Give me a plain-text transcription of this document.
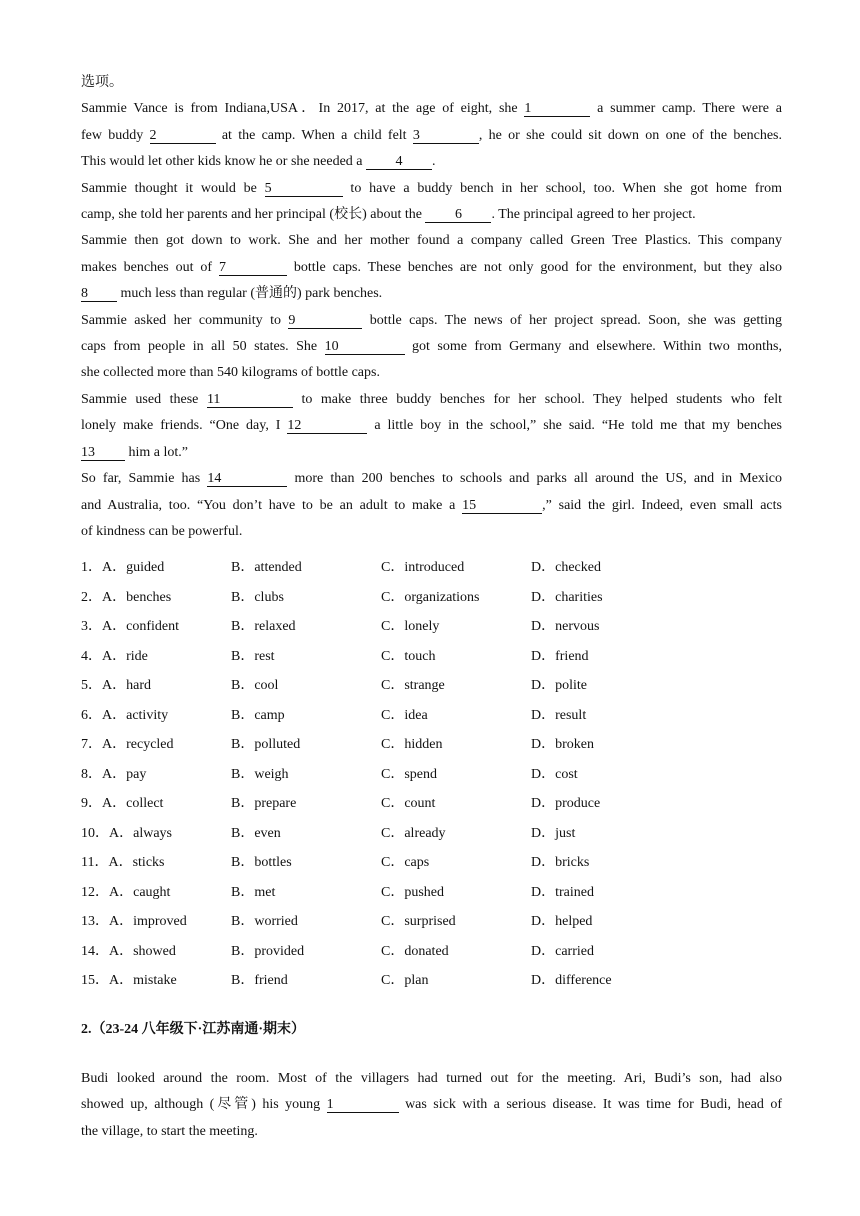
选项。
Sammie Vance is from Indiana,USA．In 2017, at the age of eight, she 1	a summer camp. There were a
few buddy 2	at the camp. When a child felt 3	, he or she could sit down on one of the benches.
This would let other kids know he or she needed a 4 .
Sammie thought it would be 5	to have a buddy bench in her school, too. When she got home from
camp, she told her parents and her principal (校长) about the 6 . The principal agreed to her project.
Sammie then got down to work. She and her mother found a company called Green Tree Plastics. This company
makes benches out of 7	bottle caps. These benches are not only good for the environment, but they also
8 much less than regular (普通的) park benches.
Sammie asked her community to 9	bottle caps. The news of her project spread. Soon, she was getting
caps from people in all 50 states. She 10	got some from Germany and elsewhere. Within two months,
she collected more than 540 kilograms of bottle caps.
Sammie used these 11	to make three buddy benches for her school. They helped students who felt
lonely make friends. “One day, I 12	a little boy in the school,” she said. “He told me that my benches
13 him a lot.”
So far, Sammie has 14	more than 200 benches to schools and parks all around the US, and in Mexico
and Australia, too. “You don’t have to be an adult to make a 15	,” said the girl. Indeed, even small acts
of kindness can be powerful.
1．A．guided	B．attended	C．introduced	D．checked
2．A．benches	B．clubs	C．organizations	D．charities
3．A．confident	B．relaxed	C．lonely	D．nervous
4．A．ride	B．rest	C．touch	D．friend
5．A．hard	B．cool	C．strange	D．polite
6．A．activity	B．camp	C．idea	D．result
7．A．recycled	B．polluted	C．hidden	D．broken
8．A．pay	B．weigh	C．spend	D．cost
9．A．collect	B．prepare	C．count	D．produce
10．A．always	B．even	C．already	D．just
11．A．sticks	B．bottles	C．caps	D．bricks
12．A．caught	B．met	C．pushed	D．trained
13．A．improved	B．worried	C．surprised	D．helped
14．A．showed	B．provided	C．donated	D．carried
15．A．mistake	B．friend	C．plan	D．difference
2.（23-24 八年级下·江苏南通·期末）
Budi looked around the room. Most of the villagers had turned out for the meeting. Ari, Budi’s son, had also
showed up, although (尽管) his young 1	was sick with a serious disease. It was time for Budi, head of
the village, to start the meeting.
